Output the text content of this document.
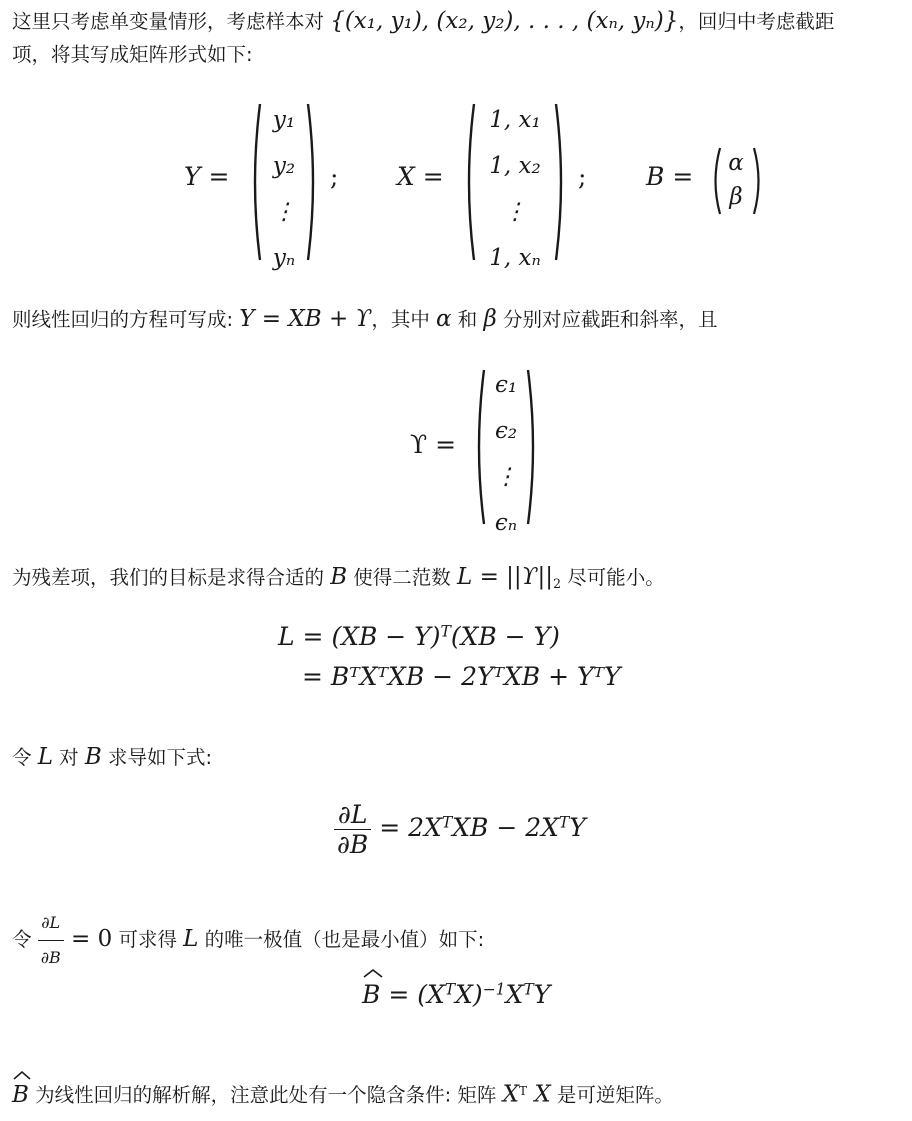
这里只考虑单变量情形，考虑样本对 {(x₁, y₁), (x₂, y₂), . . . , (xₙ, yₙ)}，回归中考虑截距
项，将其写成矩阵形式如下:
Y =
y₁
y₂
⋮
yₙ
; X =
1, x₁
1, x₂
⋮
1, xₙ
; B =	α
β
则线性回归的方程可写成: Y = XB + ϒ，其中 α 和 β 分别对应截距和斜率，且
ϒ =
ϵ₁
ϵ₂
⋮
ϵₙ
为残差项，我们的目标是求得合适的 B 使得二范数 $L = ||ϒ||_2$ 尽可能小。
L = (XB − Y)$^T$(XB − Y)
= BᵀXᵀXB − 2YᵀXB + YᵀY
令 L 对 B 求导如下式:
$\frac{\partial L}{\partial B} = 2X^TXB - 2X^TY$
令 $\frac{\partial L}{\partial B} = 0$ 可求得 L 的唯一极值（也是最小值）如下:
$B = (X^TX)^{-1}X^TY$
B 为线性回归的解析解，注意此处有一个隐含条件: 矩阵 $X^T$ X 是可逆矩阵。
